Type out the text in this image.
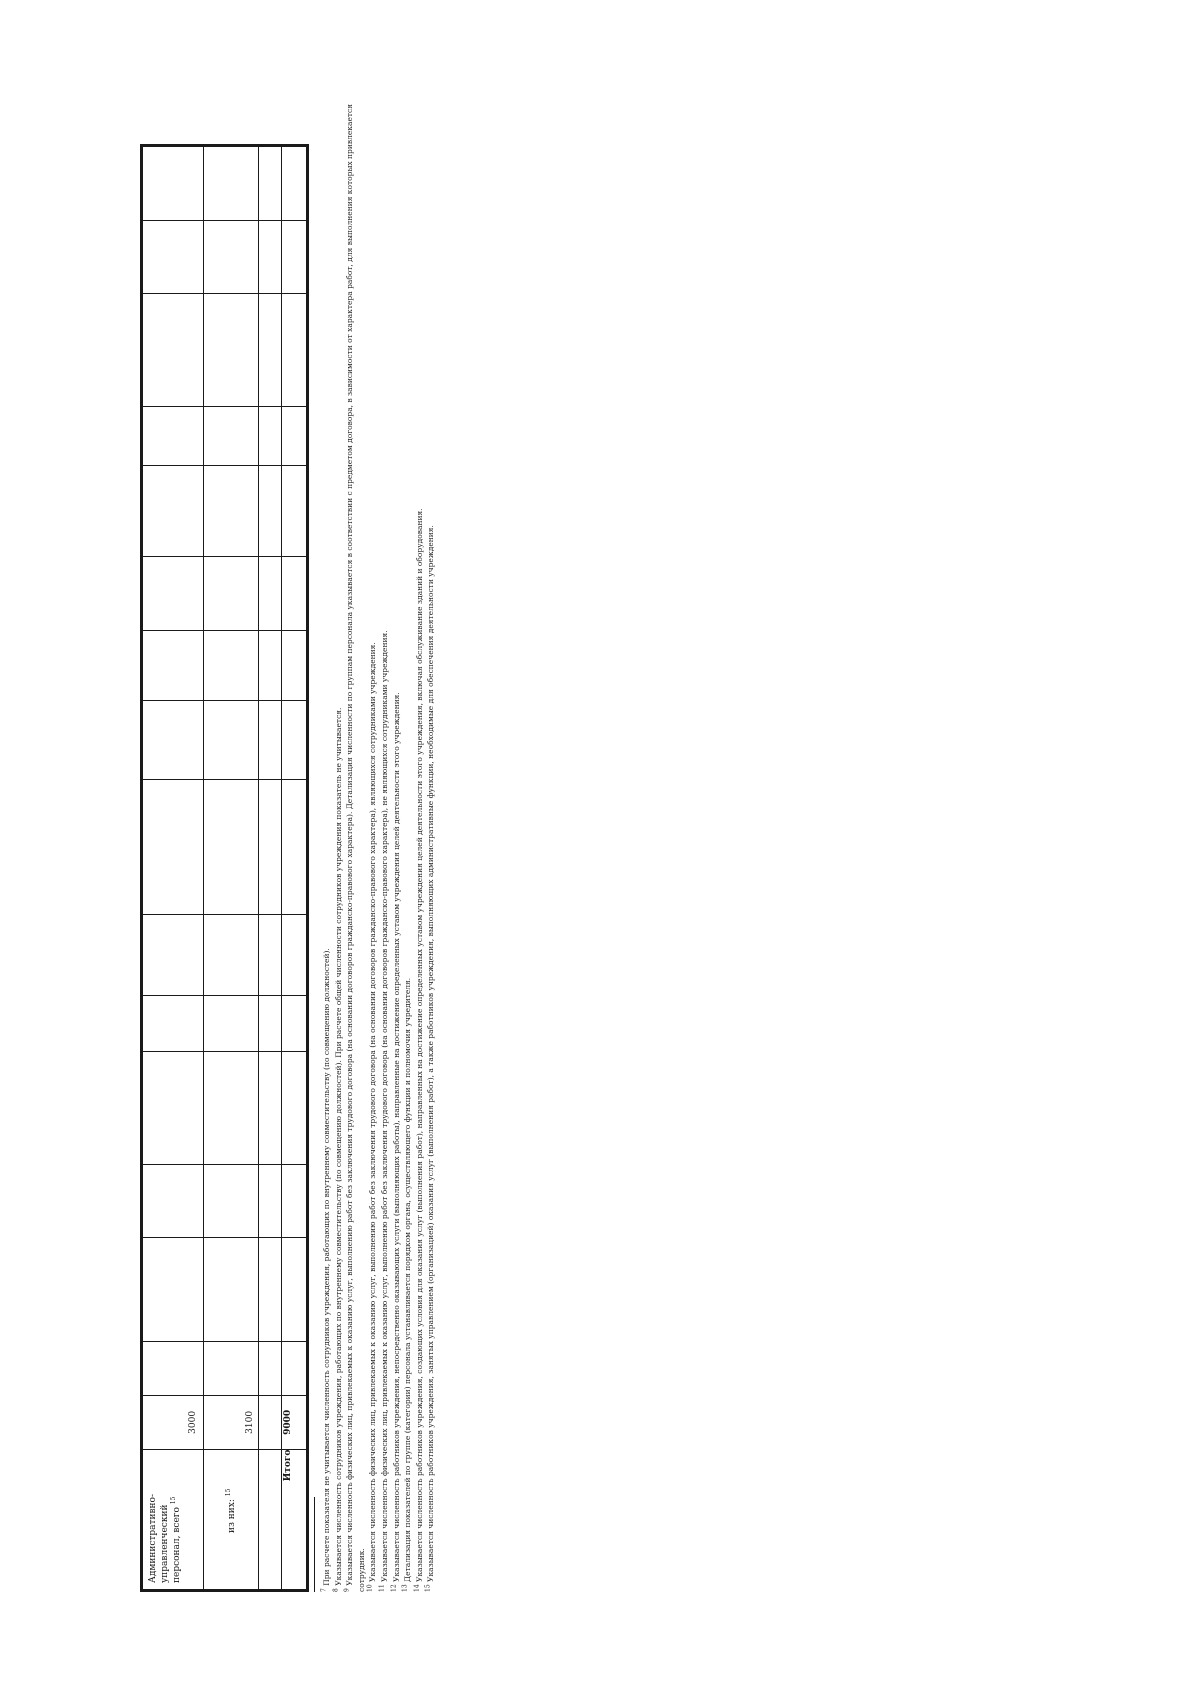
Административно-управленческий персонал, всего $^{15}$	3000															

из них: $^{15}$	3100															

Итого	9000															

$^7$ При расчете показателя не учитывается численность сотрудников учреждения, работающих по внутреннему совместительству (по совмещению должностей).

$^8$ Указывается численность сотрудников учреждения, работающих по внутреннему совместительству (по совмещению должностей). При расчете общей численности сотрудников учреждения показатель не учитывается.

$^9$ Указывается численность физических лиц, привлекаемых к оказанию услуг, выполнению работ без заключения трудового договора (на основании договоров гражданско-правового характера). Детализация численности по группам персонала указывается в соответствии с предметом договора, в зависимости от характера работ, для выполнения которых привлекается сотрудник. $^{10}$ Указывается численность физических лиц, привлекаемых к оказанию услуг, выполнению работ без заключения трудового договора (на основании договоров гражданско-правового характера), являющихся сотрудниками учреждения.

$^{11}$ Указывается численность физических лиц, привлекаемых к оказанию услуг, выполнению работ без заключения трудового договора (на основании договоров гражданско-правового характера), не являющихся сотрудниками учреждения.

$^{12}$ Указывается численность работников учреждения, непосредственно оказывающих услуги (выполняющих работы), направленные на достижение определенных уставом учреждения целей деятельности этого учреждения.

$^{13}$ Детализация показателей по группе (категории) персонала устанавливается порядком органа, осуществляющего функции и полномочия учредителя.

$^{14}$ Указывается численность работников учреждения, создающих условия для оказания услуг (выполнения работ), направленных на достижение определенных уставом учреждения целей деятельности этого учреждения, включая обслуживание зданий и оборудования.

$^{15}$ Указывается численность работников учреждения, занятых управлением (организацией) оказания услуг (выполнения работ), а также работников учреждения, выполняющих административные функции, необходимые для обеспечения деятельности учреждения.
